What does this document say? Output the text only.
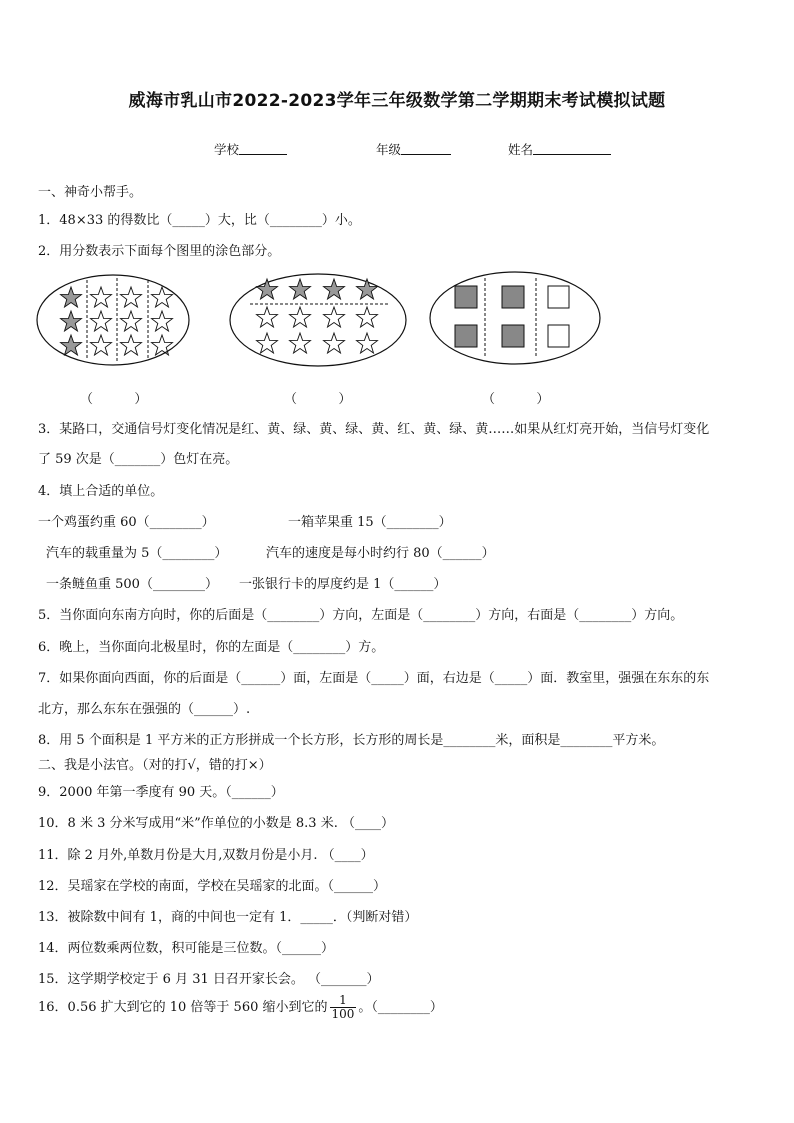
威海市乳山市2022-2023学年三年级数学第二学期期末考试模拟试题
学校	年级	姓名
一、神奇小帮手。
1．48×33 的得数比（_____）大，比（________）小。
2．用分数表示下面每个图里的涂色部分。
（          ）	（          ）	（          ）
3．某路口，交通信号灯变化情况是红、黄、绿、黄、绿、黄、红、黄、绿、黄……如果从红灯亮开始，当信号灯变化
了 59 次是（_______）色灯在亮。
4．填上合适的单位。
一个鸡蛋约重 60（________）	一箱苹果重 15（________）
汽车的载重量为 5（________）	汽车的速度是每小时约行 80（______）
一条鲢鱼重 500（________） 一张银行卡的厚度约是 1（______）
5．当你面向东南方向时，你的后面是（________）方向，左面是（________）方向，右面是（________）方向。
6．晚上，当你面向北极星时，你的左面是（________）方。
7．如果你面向西面，你的后面是（______）面，左面是（_____）面，右边是（_____）面．教室里，强强在东东的东
北方，那么东东在强强的（______）.
8．用 5 个面积是 1 平方米的正方形拼成一个长方形，长方形的周长是________米，面积是________平方米。
二、我是小法官。（对的打√，错的打×）
9．2000 年第一季度有 90 天。（______）
10．8 米 3 分米写成用“米”作单位的小数是 8.3 米. （____）
11．除 2 月外,单数月份是大月,双数月份是小月. （____）
12．吴瑶家在学校的南面，学校在吴瑶家的北面。（______）
13．被除数中间有 1，商的中间也一定有 1．_____．（判断对错）
14．两位数乘两位数，积可能是三位数。（______）
15．这学期学校定于 6 月 31 日召开家长会。 （_______）
16．0.56 扩大到它的 10 倍等于 560 缩小到它的 $\frac{1}{100}$ 。（________）
